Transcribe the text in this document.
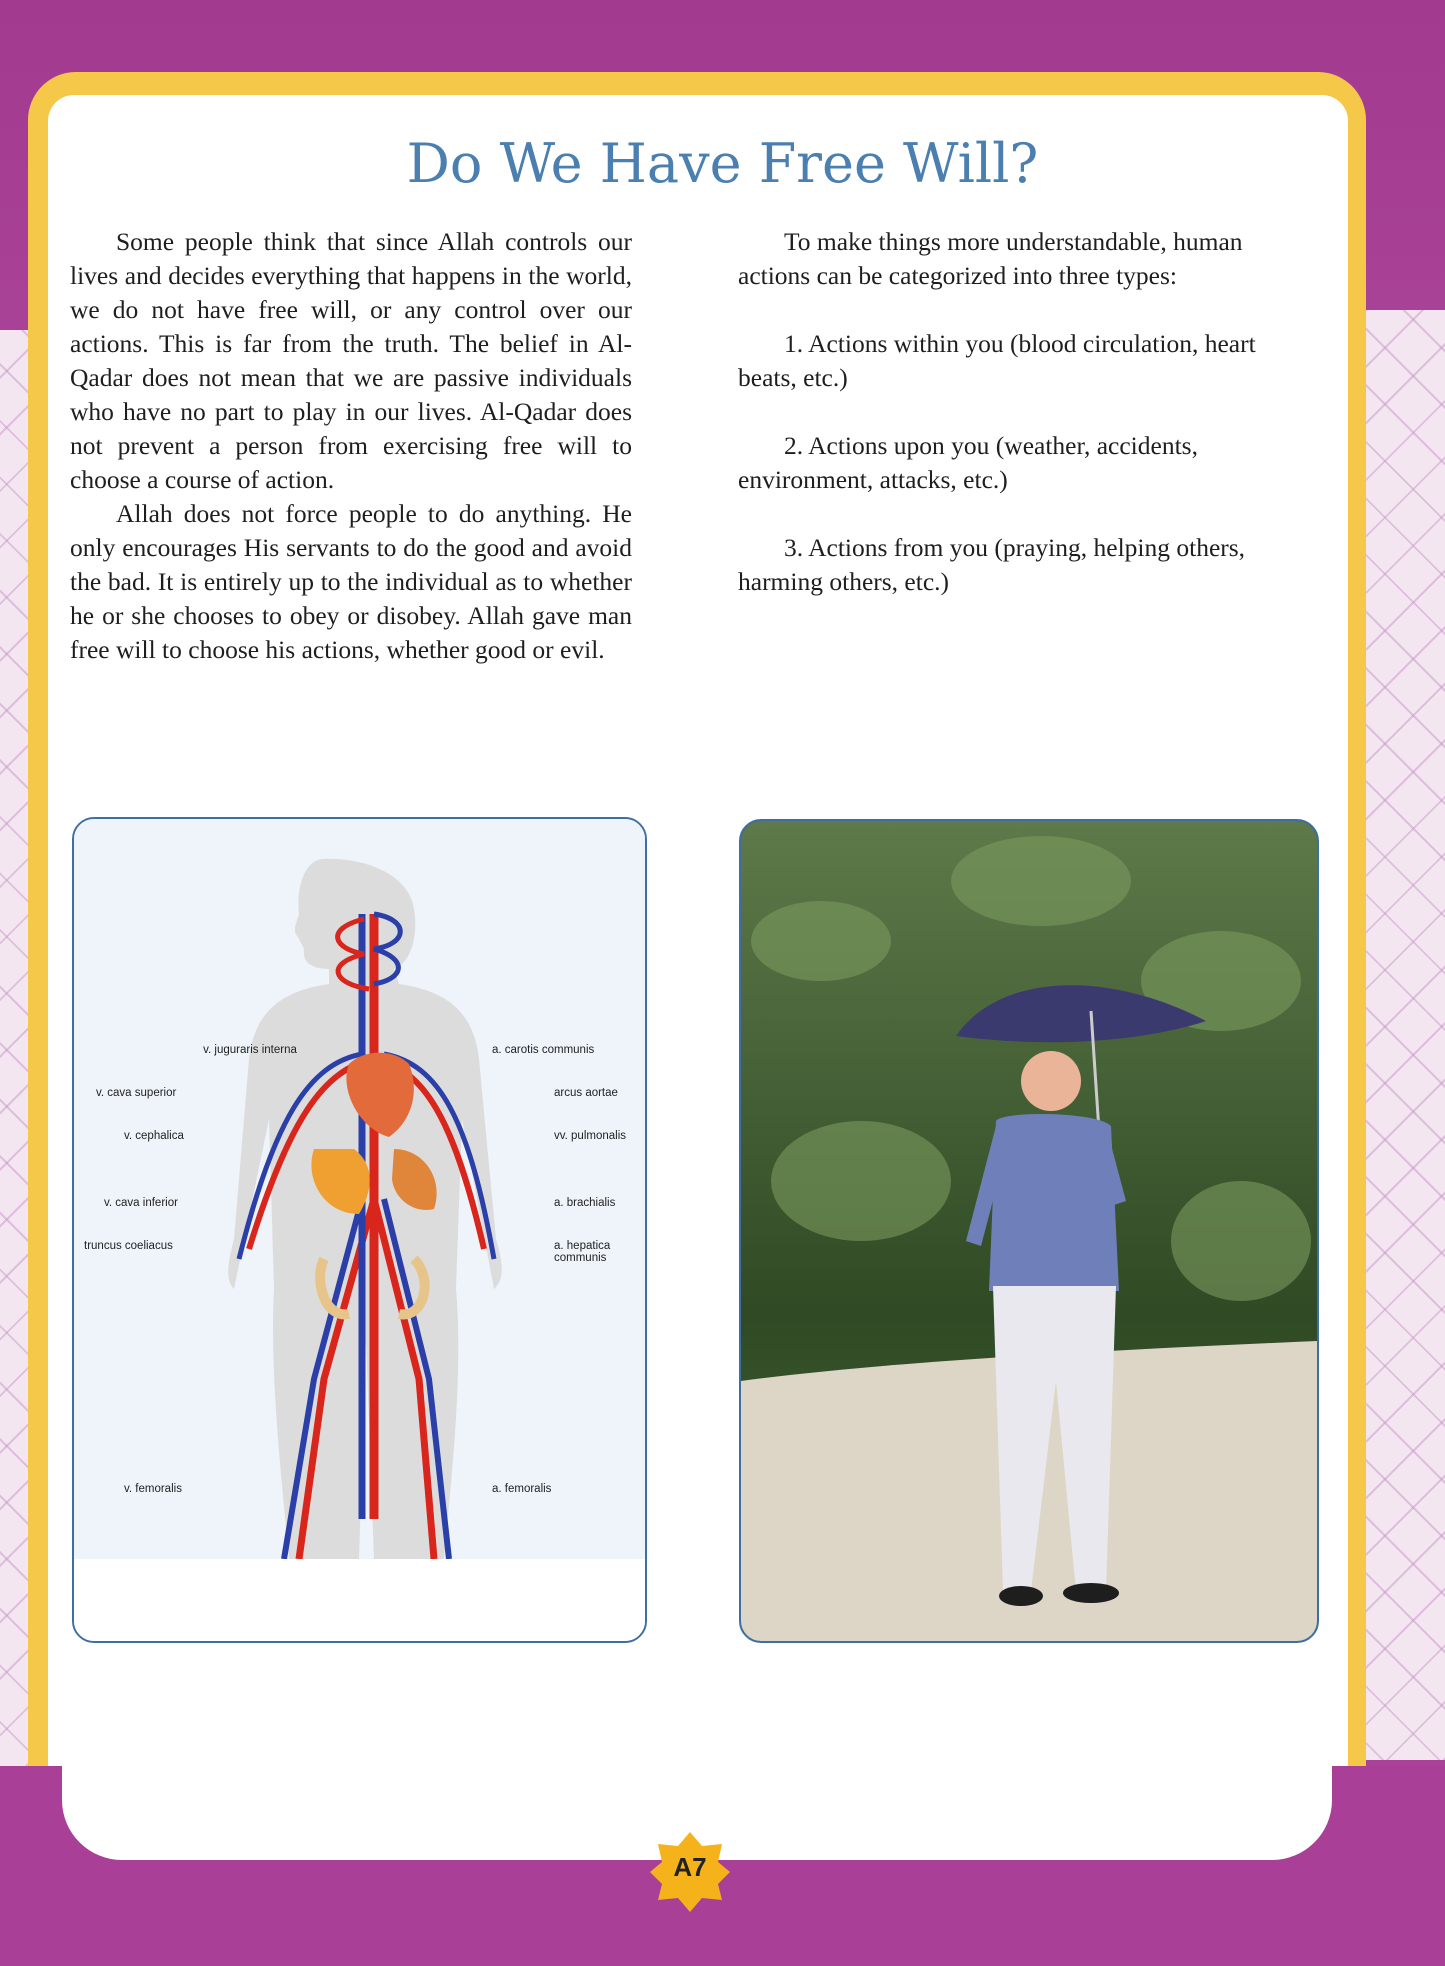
Do We Have Free Will?

Some people think that since Allah controls our lives and decides everything that happens in the world, we do not have free will, or any control over our actions. This is far from the truth. The belief in Al-Qadar does not mean that we are passive individuals who have no part to play in our lives. Al-Qadar does not prevent a person from exercising free will to choose a course of action.

Allah does not force people to do anything. He only encourages His servants to do the good and avoid the bad. It is entirely up to the individual as to whether he or she chooses to obey or disobey. Allah gave man free will to choose his actions, whether good or evil.

To make things more understandable, human actions can be categorized into three types:

1. Actions within you (blood circulation, heart beats, etc.)

2. Actions upon you (weather, accidents, environment, attacks, etc.)

3. Actions from you (praying, helping others, harming others, etc.)

v. jugurаris interna
v. cava superior
v. cephalica
v. cava inferior
truncus coeliacus
v. femoralis
a. carotis communis
arcus aortae
vv. pulmonalis
a. brachialis
a. hepatica communis
a. femoralis
A7
